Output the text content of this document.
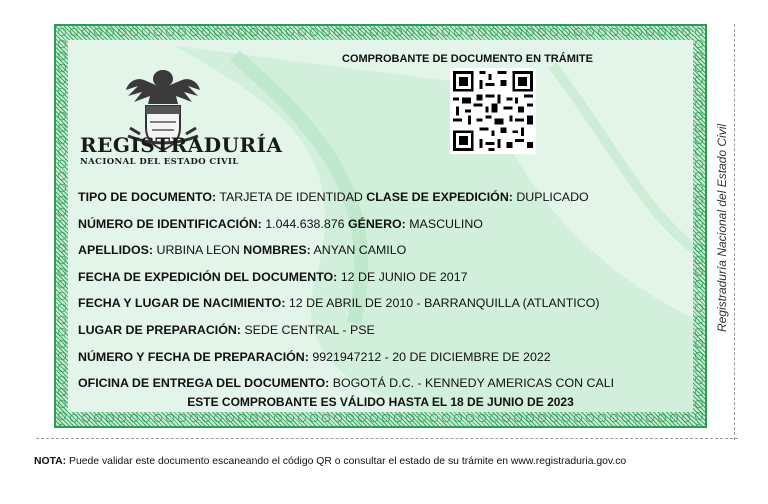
REGISTRADURÍA
NACIONAL DEL ESTADO CIVIL
COMPROBANTE DE DOCUMENTO EN TRÁMITE
TIPO DE DOCUMENTO: TARJETA DE IDENTIDAD CLASE DE EXPEDICIÓN: DUPLICADO
NÚMERO DE IDENTIFICACIÓN: 1.044.638.876 GÉNERO: MASCULINO
APELLIDOS: URBINA LEON NOMBRES: ANYAN CAMILO
FECHA DE EXPEDICIÓN DEL DOCUMENTO: 12 DE JUNIO DE 2017
FECHA Y LUGAR DE NACIMIENTO: 12 DE ABRIL DE 2010 - BARRANQUILLA (ATLANTICO)
LUGAR DE PREPARACIÓN: SEDE CENTRAL - PSE
NÚMERO Y FECHA DE PREPARACIÓN: 9921947212 - 20 DE DICIEMBRE DE 2022
OFICINA DE ENTREGA DEL DOCUMENTO: BOGOTÁ D.C. - KENNEDY AMERICAS CON CALI
ESTE COMPROBANTE ES VÁLIDO HASTA EL 18 DE JUNIO DE 2023
Registraduría Nacional del Estado Civil
NOTA: Puede validar este documento escaneando el código QR o consultar el estado de su trámite en www.registraduria.gov.co
